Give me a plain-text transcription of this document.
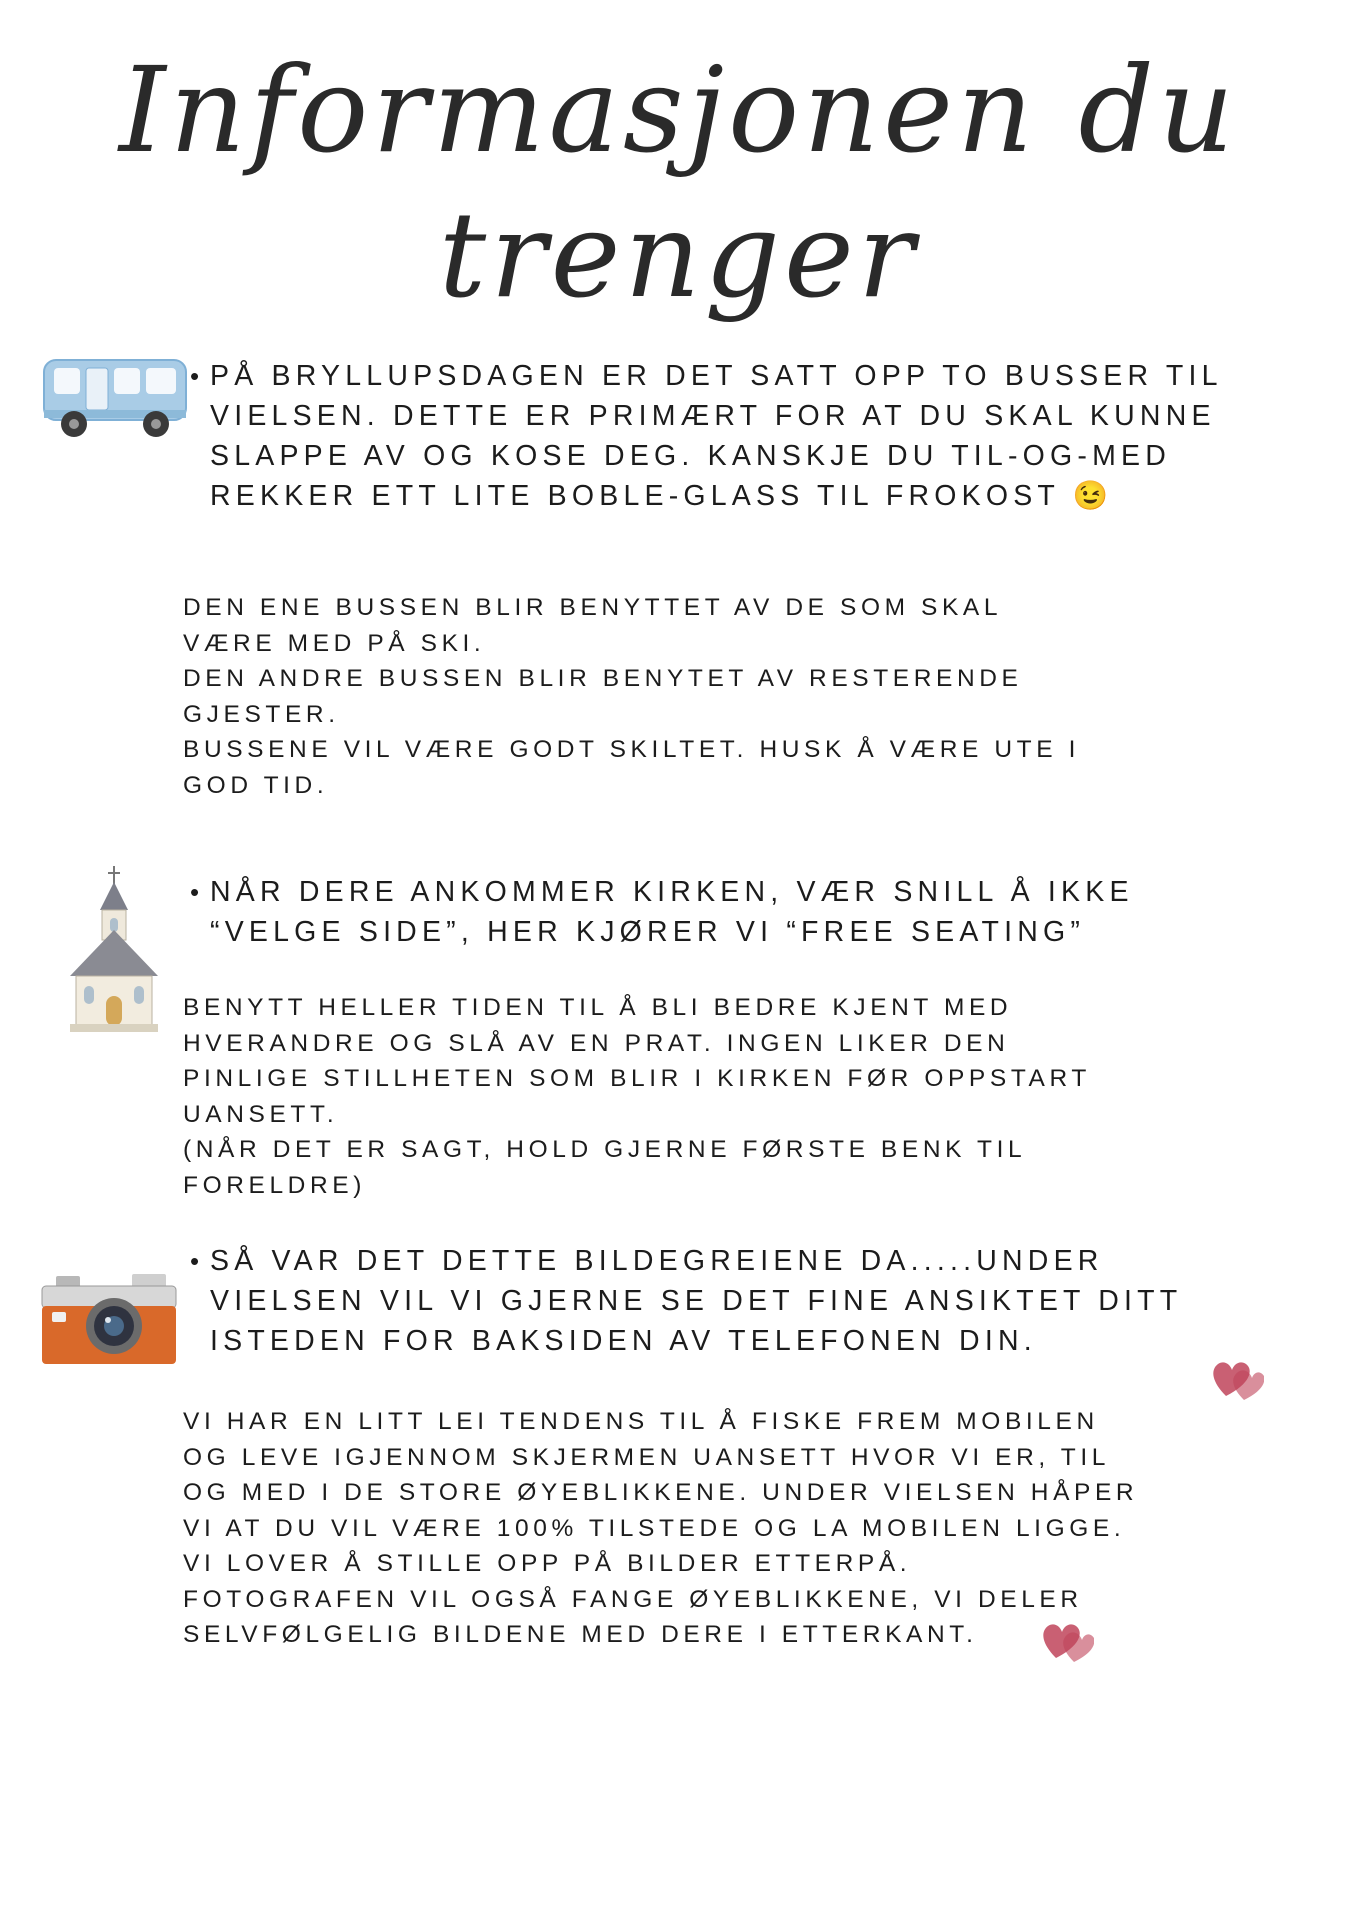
Informasjonen du
trenger

• PÅ BRYLLUPSDAGEN ER DET SATT OPP TO BUSSER TIL VIELSEN. DETTE ER PRIMÆRT FOR AT DU SKAL KUNNE SLAPPE AV OG KOSE DEG. KANSKJE DU TIL-OG-MED REKKER ETT LITE BOBLE-GLASS TIL FROKOST 😉

DEN ENE BUSSEN BLIR BENYTTET AV DE SOM SKAL
VÆRE MED PÅ SKI.
DEN ANDRE BUSSEN BLIR BENYTET AV RESTERENDE
GJESTER.
BUSSENE VIL VÆRE GODT SKILTET. HUSK Å VÆRE UTE I
GOD TID.

• NÅR DERE ANKOMMER KIRKEN, VÆR SNILL Å IKKE “VELGE SIDE”, HER KJØRER VI “FREE SEATING”

BENYTT HELLER TIDEN TIL Å BLI BEDRE KJENT MED
HVERANDRE OG SLÅ AV EN PRAT. INGEN LIKER DEN
PINLIGE STILLHETEN SOM BLIR I KIRKEN FØR OPPSTART
UANSETT.
(NÅR DET ER SAGT, HOLD GJERNE FØRSTE BENK TIL
FORELDRE)

• SÅ VAR DET DETTE BILDEGREIENE DA.....UNDER VIELSEN VIL VI GJERNE SE DET FINE ANSIKTET DITT ISTEDEN FOR BAKSIDEN AV TELEFONEN DIN.

VI HAR EN LITT LEI TENDENS TIL Å FISKE FREM MOBILEN
OG LEVE IGJENNOM SKJERMEN UANSETT HVOR VI ER, TIL
OG MED I DE STORE ØYEBLIKKENE. UNDER VIELSEN HÅPER
VI AT DU VIL VÆRE 100% TILSTEDE OG LA MOBILEN LIGGE.
VI LOVER Å STILLE OPP PÅ BILDER ETTERPÅ.
FOTOGRAFEN VIL OGSÅ FANGE ØYEBLIKKENE, VI DELER
SELVFØLGELIG BILDENE MED DERE I ETTERKANT.
